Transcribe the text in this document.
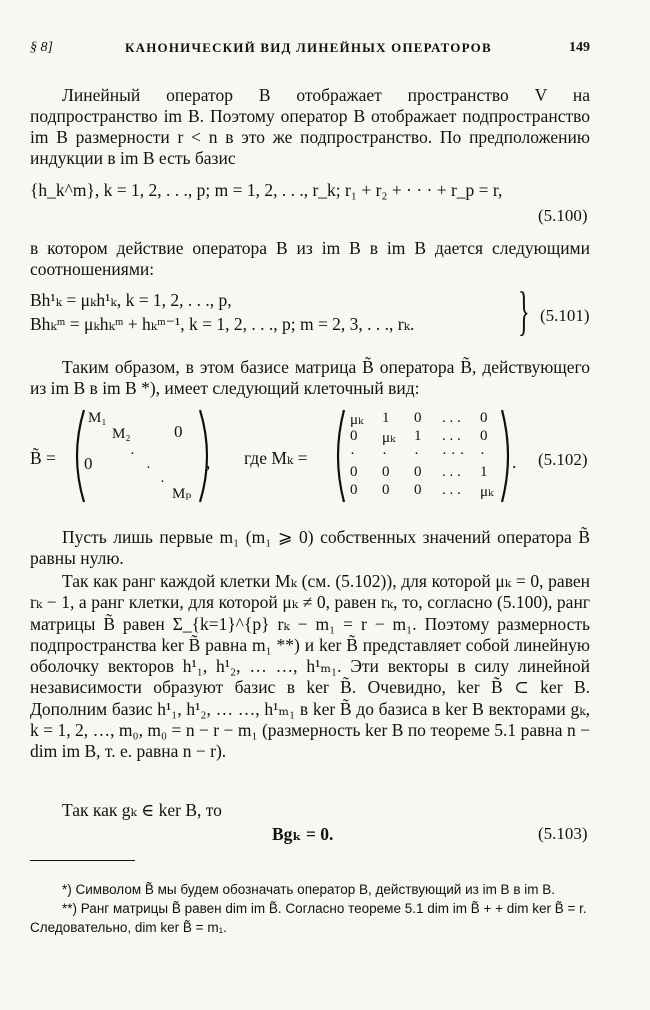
§ 8]	КАНОНИЧЕСКИЙ ВИД ЛИНЕЙНЫХ ОПЕРАТОРОВ	149
Линейный оператор B отображает пространство V на подпространство im B. Поэтому оператор B отображает подпространство im B размерности r < n в это же подпространство. По предположению индукции в im B есть базис
{h_k^m}, k = 1, 2, . . ., p; m = 1, 2, . . ., r_k; r₁ + r₂ + · · · + r_p = r,
(5.100)
в котором действие оператора B из im B в im B дается следующими соотношениями:
Bh¹ₖ = μₖh¹ₖ, k = 1, 2, . . ., p,
Bhₖᵐ = μₖhₖᵐ + hₖᵐ⁻¹, k = 1, 2, . . ., p; m = 2, 3, . . ., rₖ. } (5.101)
Таким образом, в этом базисе матрица B̃ оператора B̃, действующего из im B в im B *), имеет следующий клеточный вид:
B̃ =
M₁
M₂	0
0	·
·
·
Mₚ
, где Mₖ =
μₖ 1 0 . . . 0
0 μₖ 1 . . . 0
· · · · · · ·
0 0 0 . . . 1
0 0 0 . . . μₖ
. (5.102)
Пусть лишь первые m₁ (m₁ ⩾ 0) собственных значений оператора B̃ равны нулю.
Так как ранг каждой клетки Mₖ (см. (5.102)), для которой μₖ = 0, равен rₖ − 1, а ранг клетки, для которой μₖ ≠ 0, равен rₖ, то, согласно (5.100), ранг матрицы B̃ равен Σ_{k=1}^{p} rₖ − m₁ = r − m₁. Поэтому размерность подпространства ker B̃ равна m₁ **) и ker B̃ представляет собой линейную оболочку векторов h¹₁, h¹₂, … …, h¹ₘ₁. Эти векторы в силу линейной независимости образуют базис в ker B̃. Очевидно, ker B̃ ⊂ ker B. Дополним базис h¹₁, h¹₂, … …, h¹ₘ₁ в ker B̃ до базиса в ker B векторами gₖ, k = 1, 2, …, m₀, m₀ = n − r − m₁ (размерность ker B по теореме 5.1 равна n − dim im B, т. е. равна n − r).
Так как gₖ ∈ ker B, то
Bgₖ = 0.	(5.103)
*) Символом B̃ мы будем обозначать оператор B, действующий из im B в im B.
**) Ранг матрицы B̃ равен dim im B̃. Согласно теореме 5.1 dim im B̃ + + dim ker B̃ = r. Следовательно, dim ker B̃ = m₁.
